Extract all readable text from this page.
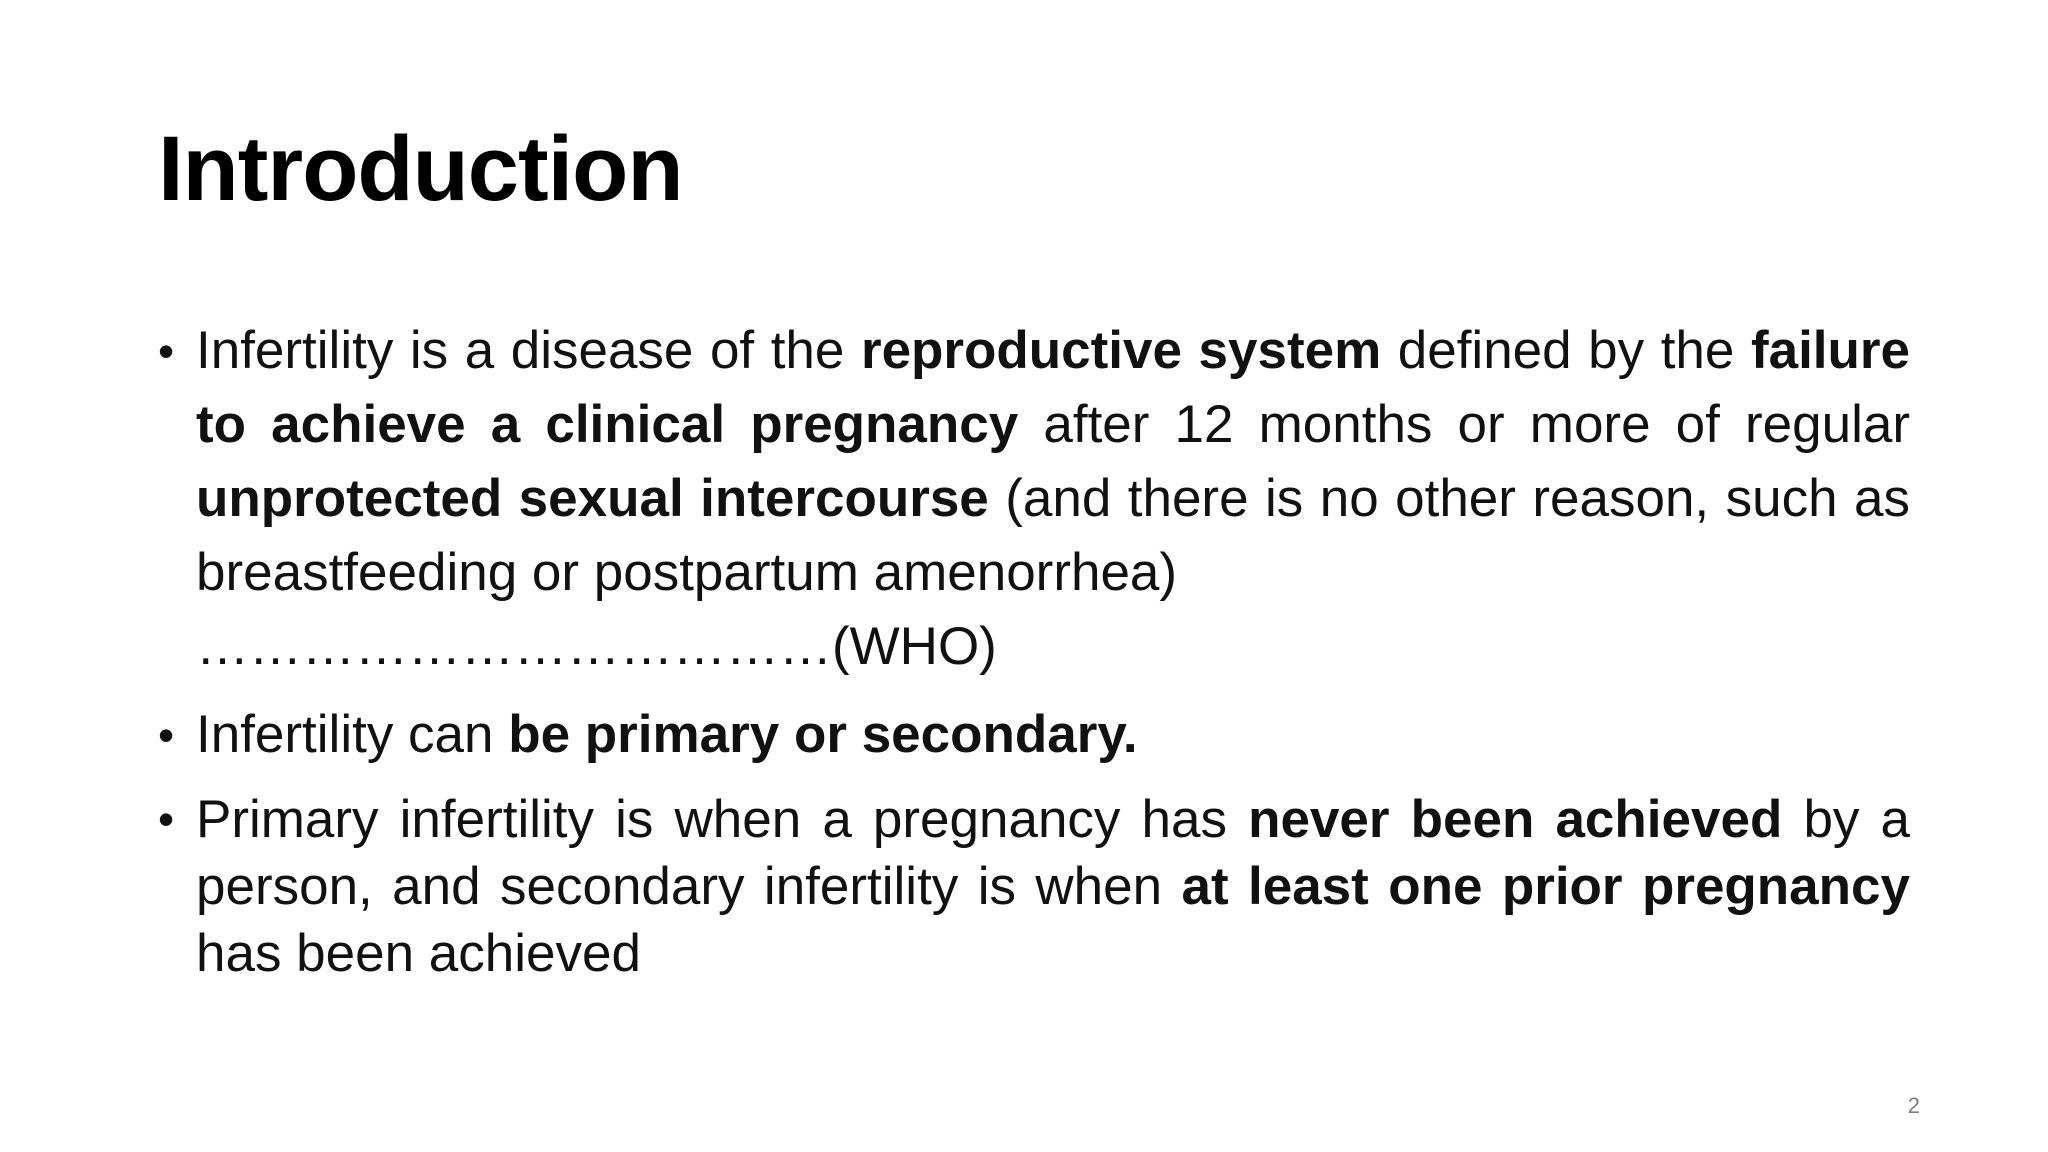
Introduction
• Infertility is a disease of the reproductive system defined by the failure to achieve a clinical pregnancy after 12 months or more of regular unprotected sexual intercourse (and there is no other reason, such as breastfeeding or postpartum amenorrhea)
………………………………(WHO)
• Infertility can be primary or secondary.
• Primary infertility is when a pregnancy has never been achieved by a person, and secondary infertility is when at least one prior pregnancy has been achieved
2
